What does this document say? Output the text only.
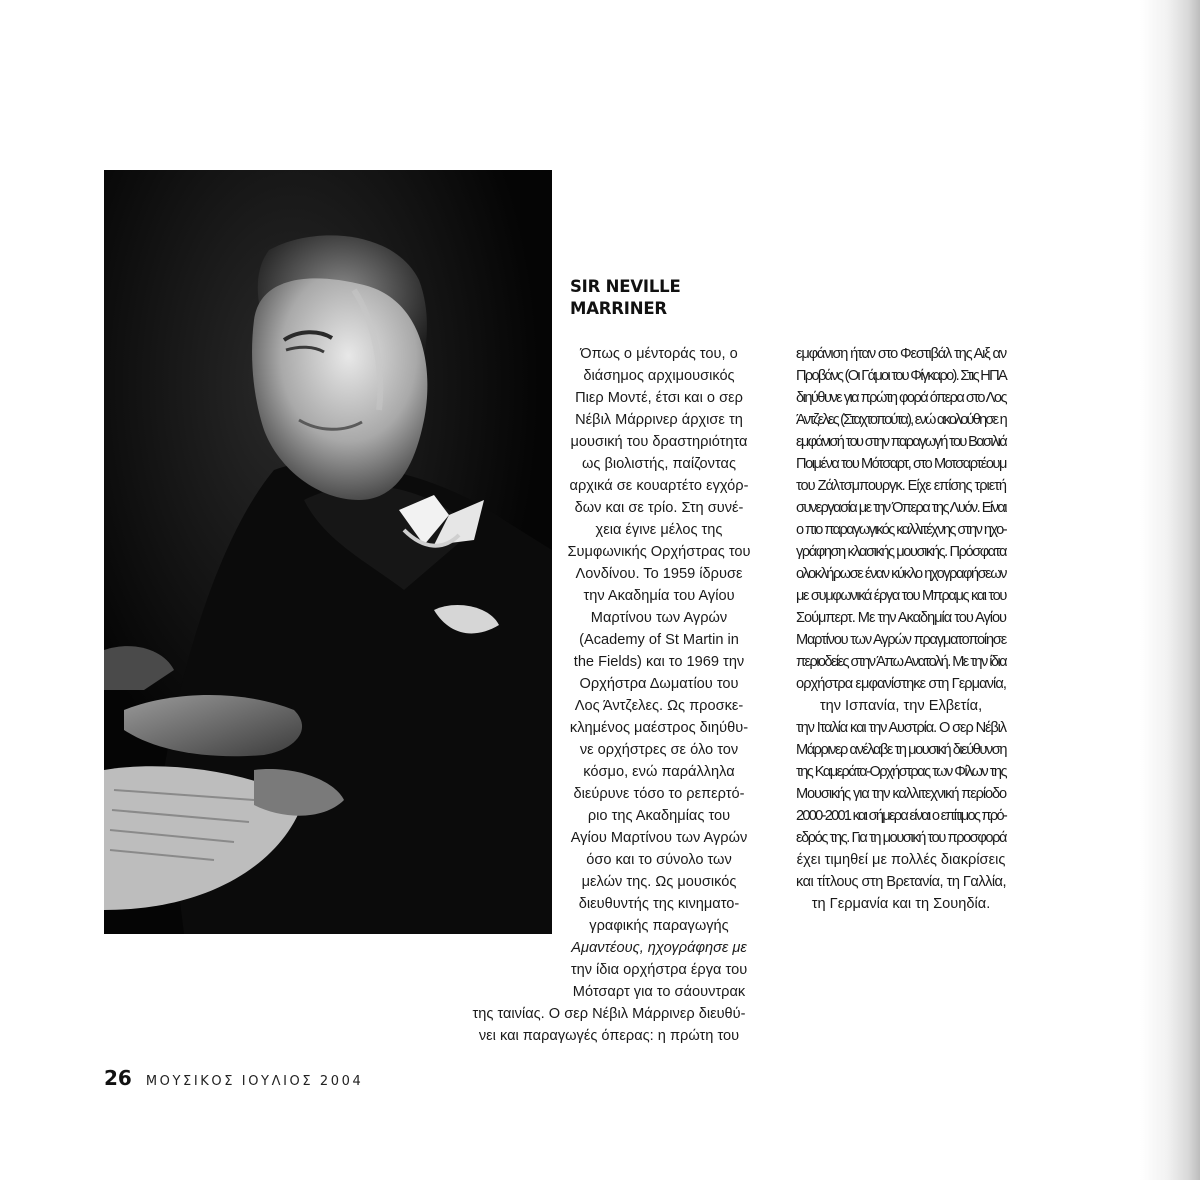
SIR NEVILLE
MARRINER

Όπως ο μέντοράς του, ο

διάσημος αρχιμουσικός

Πιερ Μοντέ, έτσι και ο σερ

Νέβιλ Μάρρινερ άρχισε τη

μουσική του δραστηριότητα

ως βιολιστής, παίζοντας

αρχικά σε κουαρτέτο εγχόρ-

δων και σε τρίο. Στη συνέ-

χεια έγινε μέλος της

Συμφωνικής Ορχήστρας του

Λονδίνου. Το 1959 ίδρυσε

την Ακαδημία του Αγίου

Μαρτίνου των Αγρών

(Academy of St Martin in

the Fields) και το 1969 την

Ορχήστρα Δωματίου του

Λος Άντζελες. Ως προσκε-

κλημένος μαέστρος διηύθυ-

νε ορχήστρες σε όλο τον

κόσμο, ενώ παράλληλα

διεύρυνε τόσο το ρεπερτό-

ριο της Ακαδημίας του

Αγίου Μαρτίνου των Αγρών

όσο και το σύνολο των

μελών της. Ως μουσικός

διευθυντής της κινηματο-

γραφικής παραγωγής

Αμαντέους, ηχογράφησε με

την ίδια ορχήστρα έργα του

Μότσαρτ για το σάουντρακ

της ταινίας. Ο σερ Νέβιλ Μάρρινερ διευθύ-

νει και παραγωγές όπερας: η πρώτη του

εμφάνιση ήταν στο Φεστιβάλ της Αιξ αν

Προβάνς (Οι Γάμοι του Φίγκαρο). Στις ΗΠΑ

διηύθυνε για πρώτη φορά όπερα στο Λος

Άντζελες (Σταχτοπούτα), ενώ ακολούθησε η

εμφάνισή του στην παραγωγή του Βασιλιά

Ποιμένα του Μότσαρτ, στο Μοτσαρτέουμ

του Ζάλτσμπουργκ. Είχε επίσης τριετή

συνεργασία με την Όπερα της Λυόν. Είναι

ο πιο παραγωγικός καλλιτέχνης στην ηχο-

γράφηση κλασικής μουσικής. Πρόσφατα

ολοκλήρωσε έναν κύκλο ηχογραφήσεων

με συμφωνικά έργα του Μπραμς και του

Σούμπερτ. Με την Ακαδημία του Αγίου

Μαρτίνου των Αγρών πραγματοποίησε

περιοδείες στην Άπω Ανατολή. Με την ίδια

ορχήστρα εμφανίστηκε στη Γερμανία,

την Ισπανία, την Ελβετία,

την Ιταλία και την Αυστρία. Ο σερ Νέβιλ

Μάρρινερ ανέλαβε τη μουσική διεύθυνση

της Καμεράτα-Ορχήστρας των Φίλων της

Μουσικής για την καλλιτεχνική περίοδο

2000-2001 και σήμερα είναι ο επίτιμος πρό-

εδρός της. Για τη μουσική του προσφορά

έχει τιμηθεί με πολλές διακρίσεις

και τίτλους στη Βρετανία, τη Γαλλία,

τη Γερμανία και τη Σουηδία.

26 ΜΟΥΣΙΚΟΣ ΙΟΥΛΙΟΣ 2004
